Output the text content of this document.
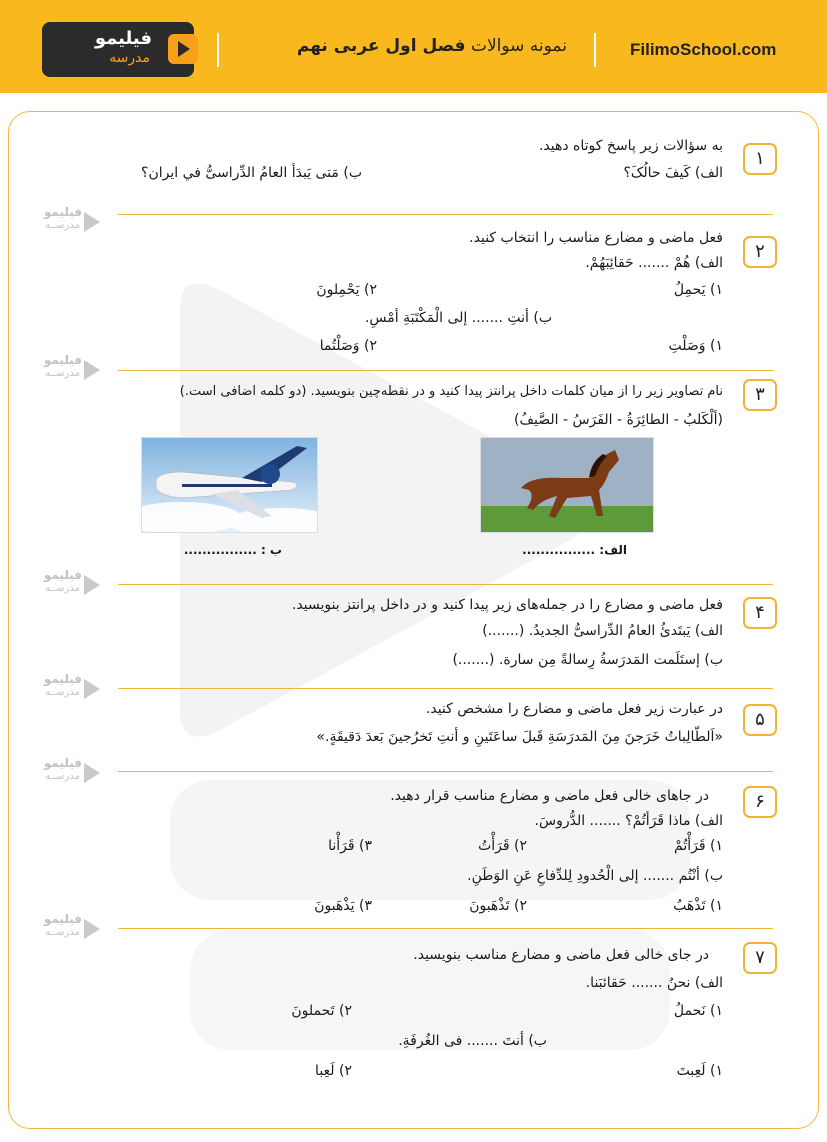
فیلیمو
مدرسه
نمونه سوالات فصل اول عربی نهم	FilimoSchool.com
فیلیمو
مدرســه
فیلیمو
مدرســه
فیلیمو
مدرســه
فیلیمو
مدرســه
فیلیمو
مدرســه
فیلیمو
مدرســه
۱
به سؤالات زیر پاسخ کوتاه دهید.
الف) کَیفَ حالُکَ؟
ب) مَتی یَبدَأ العامُ الدِّراسیُّ في ایران؟
۲
فعل ماضی و مضارع مناسب را انتخاب کنید.
الف) هُمْ ....... حَقائِبَهُمْ.
۱) یَحمِلُ
۲) یَحْمِلونَ
ب) أنتِ ....... إلی الْمَکْتَبَةِ أمْسِ.
۱) وَصَلْتِ
۲) وَصَلْتُما
۳
نام تصاویر زیر را از میان کلمات داخل پرانتز پیدا کنید و در نقطه‌چین بنویسید. (دو کلمه اضافی است.)
(ألْکَلبُ - الطائِرَةُ - الفَرَسُ - الصَّیفُ)
الف: ................
ب : ................
۴
فعل ماضی و مضارع را در جمله‌های زیر پیدا کنید و در داخل پرانتز بنویسید.
الف) یَبتَدئُ العامُ الدِّراسیُّ الجدیدُ. (.......)
ب) إستَلَمت المَدرَسةُ رِسالةً مِن سارة. (.......)
۵
در عبارت زیر فعل ماضی و مضارع را مشخص کنید.
«اَلطّالِباتُ خَرَجنَ مِنَ المَدرَسَةِ قَبلَ ساعَتَینِ و أنتِ تَخرُجینَ بَعدَ دَقیقَةٍ.»
۶
در جاهای خالی فعل ماضی و مضارع مناسب قرار دهید.
الف) ماذا قَرَأتُمْ؟ ....... الدُّروسَ.
۱) قَرَأْتُمْ
۲) قَرَأْتُ
۳) قَرَأْنا
ب) أنْتُم ....... إلی الْحُدودِ لِلدِّفاعِ عَنِ الوَطَنِ.
۱) تَذْهَبُ
۲) تَذْهَبونَ
۳) يَذْهَبونَ
۷
در جای خالی فعل ماضی و مضارع مناسب بنویسید.
الف) نحنُ ....... حَقائبَنا.
۱) نَحملُ
۲) تَحملونَ
ب) أنتَ ....... فی الغُرفَةِ.
۱) لَعِبتَ
۲) لَعِبا
